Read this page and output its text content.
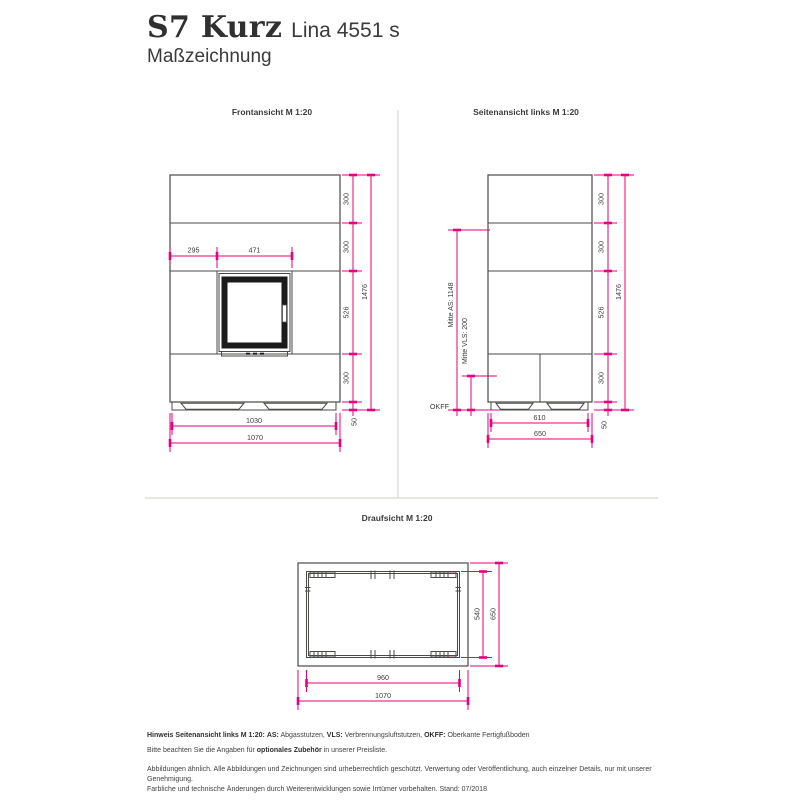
S7 Kurz Lina 4551 s
Maßzeichnung
Frontansicht M 1:20	Seitenansicht links M 1:20
Draufsicht M 1:20
300
300
526
300
50
1476
295	471
1030
1070
300
300
526
300
50
1476
Mitte AS: 1148
Mitte VLS: 200
OKFF
610
650
540 650
960
1070
Hinweis Seitenansicht links M 1:20: AS: Abgasstutzen, VLS: Verbrennungsluftstutzen, OKFF: Oberkante Fertigfußboden
Bitte beachten Sie die Angaben für optionales Zubehör in unserer Preisliste.
Abbildungen ähnlich. Alle Abbildungen und Zeichnungen sind urheberrechtlich geschützt. Verwertung oder Veröffentlichung, auch einzelner Details, nur mit unserer Genehmigung.
Farbliche und technische Änderungen durch Weiterentwicklungen sowie Irrtümer vorbehalten. Stand: 07/2018
